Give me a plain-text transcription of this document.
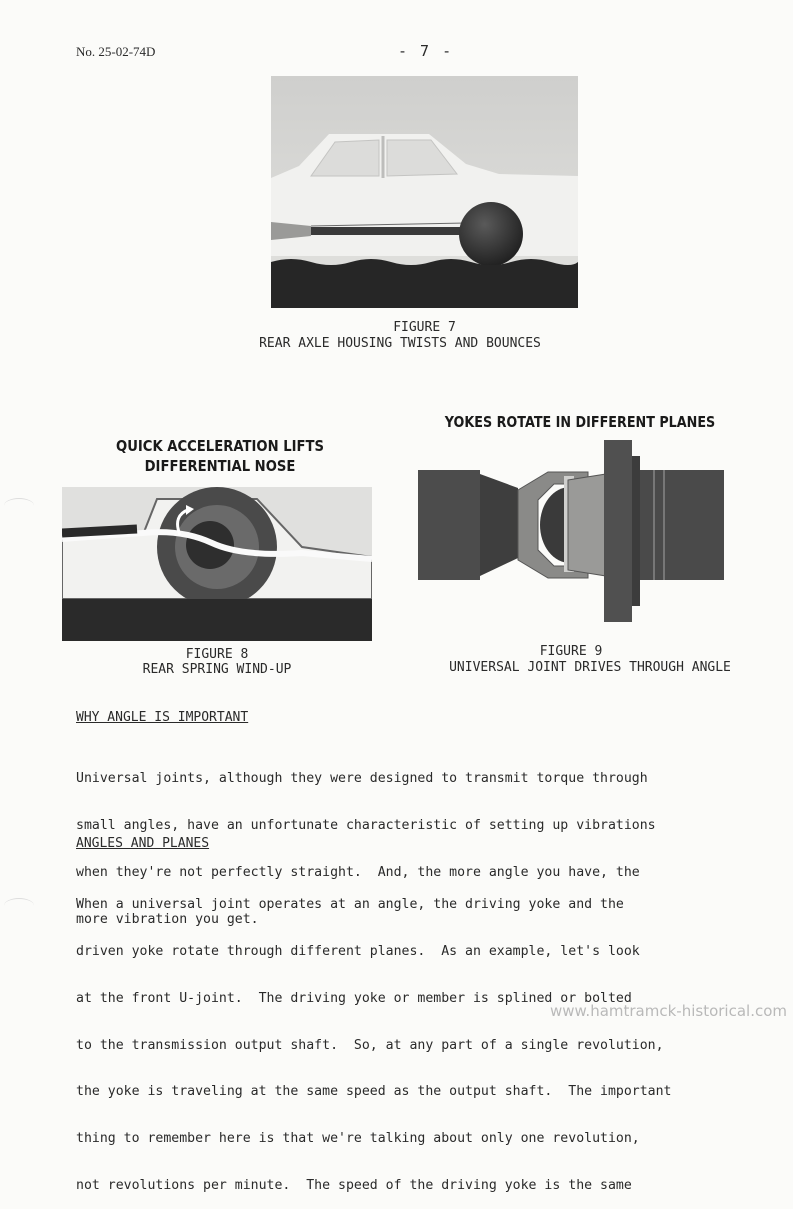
No. 25-02-74D	- 7 -
FIGURE 7
REAR AXLE HOUSING TWISTS AND BOUNCES
QUICK ACCELERATION LIFTS
DIFFERENTIAL NOSE
FIGURE 8
REAR SPRING WIND-UP
YOKES ROTATE IN DIFFERENT PLANES
FIGURE 9
UNIVERSAL JOINT DRIVES THROUGH ANGLE
WHY ANGLE IS IMPORTANT

Universal joints, although they were designed to transmit torque through

small angles, have an unfortunate characteristic of setting up vibrations

when they're not perfectly straight.  And, the more angle you have, the

more vibration you get.

ANGLES AND PLANES

When a universal joint operates at an angle, the driving yoke and the

driven yoke rotate through different planes.  As an example, let's look

at the front U-joint.  The driving yoke or member is splined or bolted

to the transmission output shaft.  So, at any part of a single revolution,

the yoke is traveling at the same speed as the output shaft.  The important

thing to remember here is that we're talking about only one revolution,

not revolutions per minute.  The speed of the driving yoke is the same

www.hamtramck-historical.com
